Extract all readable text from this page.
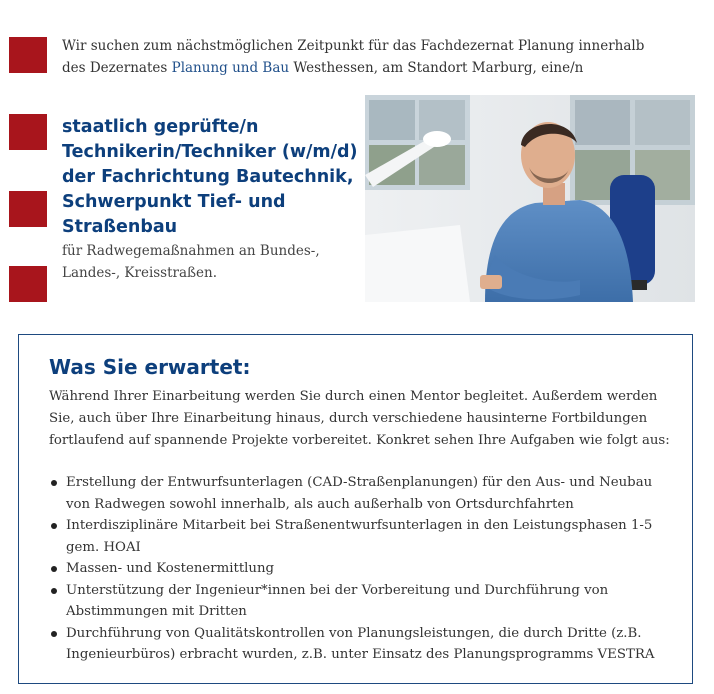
Wir suchen zum nächstmöglichen Zeitpunkt für das Fachdezernat Planung innerhalb des Dezernates Planung und Bau Westhessen, am Standort Marburg, eine/n

staatlich geprüfte/n
Technikerin/Techniker (w/m/d)
der Fachrichtung Bautechnik,
Schwerpunkt Tief- und
Straßenbau
für Radwegemaßnahmen an Bundes-,
Landes-, Kreisstraßen.
Was Sie erwartet:

Während Ihrer Einarbeitung werden Sie durch einen Mentor begleitet. Außerdem werden Sie, auch über Ihre Einarbeitung hinaus, durch verschiedene hausinterne Fortbildungen fortlaufend auf spannende Projekte vorbereitet. Konkret sehen Ihre Aufgaben wie folgt aus:

Erstellung der Entwurfsunterlagen (CAD-Straßenplanungen) für den Aus- und Neubau von Radwegen sowohl innerhalb, als auch außerhalb von Ortsdurchfahrten
Interdisziplinäre Mitarbeit bei Straßenentwurfsunterlagen in den Leistungsphasen 1-5 gem. HOAI
Massen- und Kostenermittlung
Unterstützung der Ingenieur*innen bei der Vorbereitung und Durchführung von Abstimmungen mit Dritten
Durchführung von Qualitätskontrollen von Planungsleistungen, die durch Dritte (z.B. Ingenieurbüros) erbracht wurden, z.B. unter Einsatz des Planungsprogramms VESTRA
